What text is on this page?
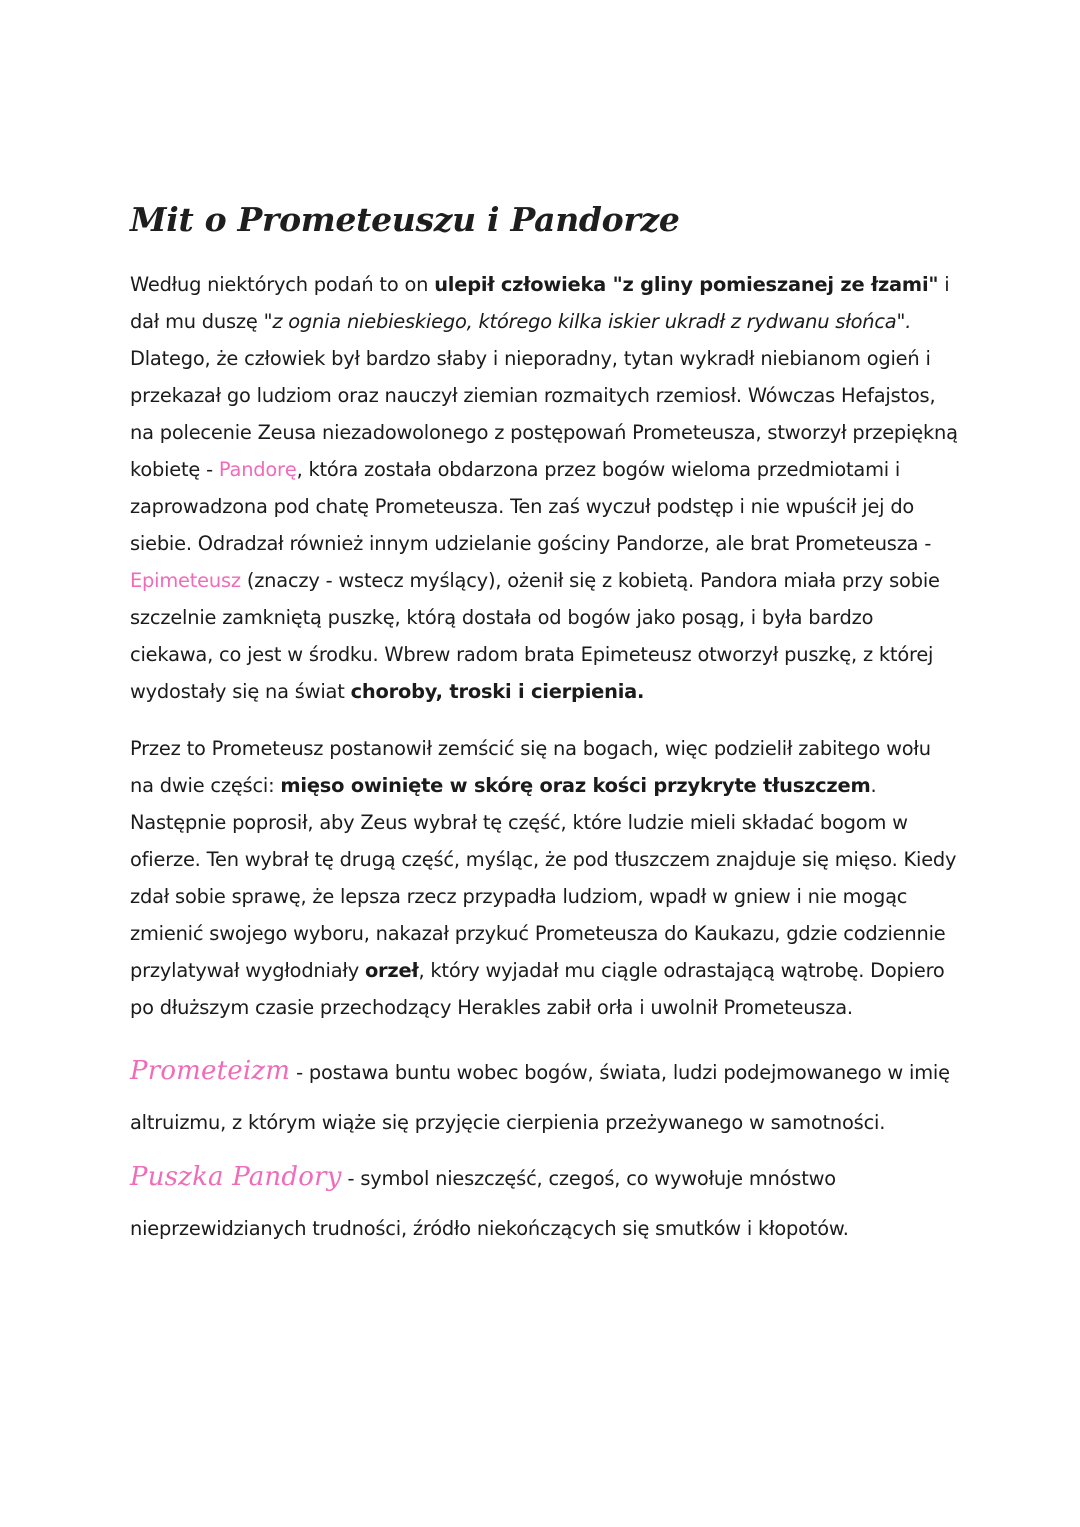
Mit o Prometeuszu i Pandorze

Według niektórych podań to on ulepił człowieka "z gliny pomieszanej ze łzami" i dał mu duszę "z ognia niebieskiego, którego kilka iskier ukradł z rydwanu słońca". Dlatego, że człowiek był bardzo słaby i nieporadny, tytan wykradł niebianom ogień i przekazał go ludziom oraz nauczył ziemian rozmaitych rzemiosł. Wówczas Hefajstos, na polecenie Zeusa niezadowolonego z postępowań Prometeusza, stworzył przepiękną kobietę - Pandorę, która została obdarzona przez bogów wieloma przedmiotami i zaprowadzona pod chatę Prometeusza. Ten zaś wyczuł podstęp i nie wpuścił jej do siebie. Odradzał również innym udzielanie gościny Pandorze, ale brat Prometeusza - Epimeteusz (znaczy - wstecz myślący), ożenił się z kobietą. Pandora miała przy sobie szczelnie zamkniętą puszkę, którą dostała od bogów jako posąg, i była bardzo ciekawa, co jest w środku. Wbrew radom brata Epimeteusz otworzył puszkę, z której wydostały się na świat choroby, troski i cierpienia.

Przez to Prometeusz postanowił zemścić się na bogach, więc podzielił zabitego wołu na dwie części: mięso owinięte w skórę oraz kości przykryte tłuszczem. Następnie poprosił, aby Zeus wybrał tę część, które ludzie mieli składać bogom w ofierze. Ten wybrał tę drugą część, myśląc, że pod tłuszczem znajduje się mięso. Kiedy zdał sobie sprawę, że lepsza rzecz przypadła ludziom, wpadł w gniew i nie mogąc zmienić swojego wyboru, nakazał przykuć Prometeusza do Kaukazu, gdzie codziennie przylatywał wygłodniały orzeł, który wyjadał mu ciągle odrastającą wątrobę. Dopiero po dłuższym czasie przechodzący Herakles zabił orła i uwolnił Prometeusza.

Prometeizm - postawa buntu wobec bogów, świata, ludzi podejmowanego w imię altruizmu, z którym wiąże się przyjęcie cierpienia przeżywanego w samotności.

Puszka Pandory - symbol nieszczęść, czegoś, co wywołuje mnóstwo nieprzewidzianych trudności, źródło niekończących się smutków i kłopotów.
